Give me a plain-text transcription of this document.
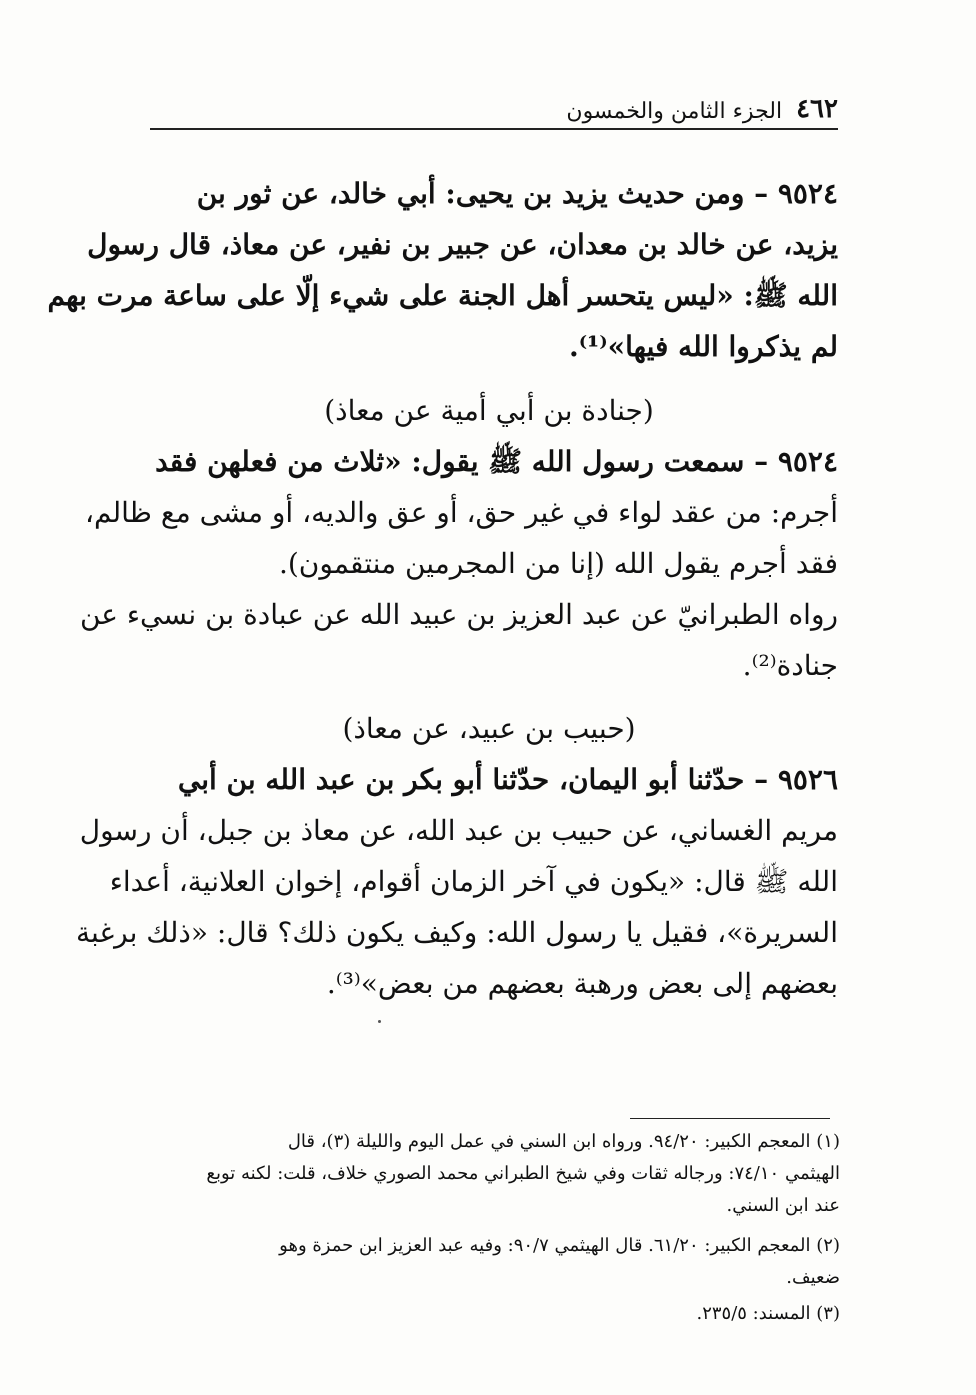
٤٦٢
الجزء الثامن والخمسون
٩٥٢٤ – ومن حديث يزيد بن يحيى: أبي خالد، عن ثور بن
يزيد، عن خالد بن معدان، عن جبير بن نفير، عن معاذ، قال رسول
الله ﷺ: «ليس يتحسر أهل الجنة على شيء إلّا على ساعة مرت بهم
لم يذكروا الله فيها»⁽¹⁾.
(جنادة بن أبي أمية عن معاذ)
٩٥٢٤ – سمعت رسول الله ﷺ يقول: «ثلاث من فعلهن فقد
أجرم: من عقد لواء في غير حق، أو عق والديه، أو مشى مع ظالم،
فقد أجرم يقول الله (إنا من المجرمين منتقمون).
رواه الطبرانيّ عن عبد العزيز بن عبيد الله عن عبادة بن نسيء عن
جنادة⁽²⁾.
(حبيب بن عبيد، عن معاذ)
٩٥٢٦ – حدّثنا أبو اليمان، حدّثنا أبو بكر بن عبد الله بن أبي
مريم الغساني، عن حبيب بن عبد الله، عن معاذ بن جبل، أن رسول
الله ﷺ قال: «يكون في آخر الزمان أقوام، إخوان العلانية، أعداء
السريرة»، فقيل يا رسول الله: وكيف يكون ذلك؟ قال: «ذلك برغبة
بعضهم إلى بعض ورهبة بعضهم من بعض»⁽³⁾.
(١) المعجم الكبير: ٩٤/٢٠. ورواه ابن السني في عمل اليوم والليلة (٣)، قال
الهيثمي ٧٤/١٠: ورجاله ثقات وفي شيخ الطبراني محمد الصوري خلاف، قلت: لكنه توبع
عند ابن السني.
(٢) المعجم الكبير: ٦١/٢٠. قال الهيثمي ٩٠/٧: وفيه عبد العزيز ابن حمزة وهو
ضعيف.
(٣) المسند: ٢٣٥/٥.
